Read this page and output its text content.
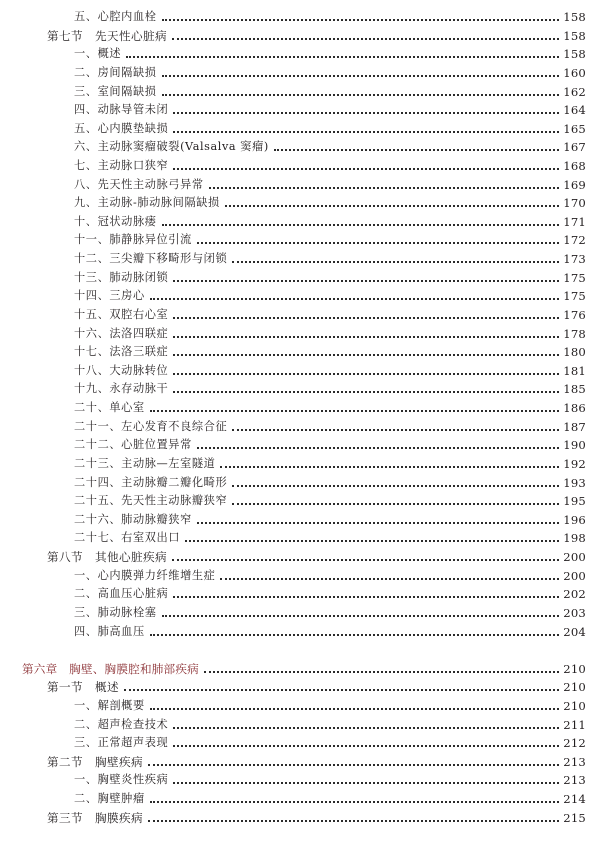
五、心腔内血栓	158
第七节　先天性心脏病	158
一、概述	158
二、房间隔缺损	160
三、室间隔缺损	162
四、动脉导管未闭	164
五、心内膜垫缺损	165
六、主动脉窦瘤破裂(Valsalva 窦瘤)	167
七、主动脉口狭窄	168
八、先天性主动脉弓异常	169
九、主动脉-肺动脉间隔缺损	170
十、冠状动脉瘘	171
十一、肺静脉异位引流	172
十二、三尖瓣下移畸形与闭锁	173
十三、肺动脉闭锁	175
十四、三房心	175
十五、双腔右心室	176
十六、法洛四联症	178
十七、法洛三联症	180
十八、大动脉转位	181
十九、永存动脉干	185
二十、单心室	186
二十一、左心发育不良综合征	187
二十二、心脏位置异常	190
二十三、主动脉—左室隧道	192
二十四、主动脉瓣二瓣化畸形	193
二十五、先天性主动脉瓣狭窄	195
二十六、肺动脉瓣狭窄	196
二十七、右室双出口	198
第八节　其他心脏疾病	200
一、心内膜弹力纤维增生症	200
二、高血压心脏病	202
三、肺动脉栓塞	203
四、肺高血压	204
第六章　胸壁、胸膜腔和肺部疾病	210
第一节　概述	210
一、解剖概要	210
二、超声检查技术	211
三、正常超声表现	212
第二节　胸壁疾病	213
一、胸壁炎性疾病	213
二、胸壁肿瘤	214
第三节　胸膜疾病	215
